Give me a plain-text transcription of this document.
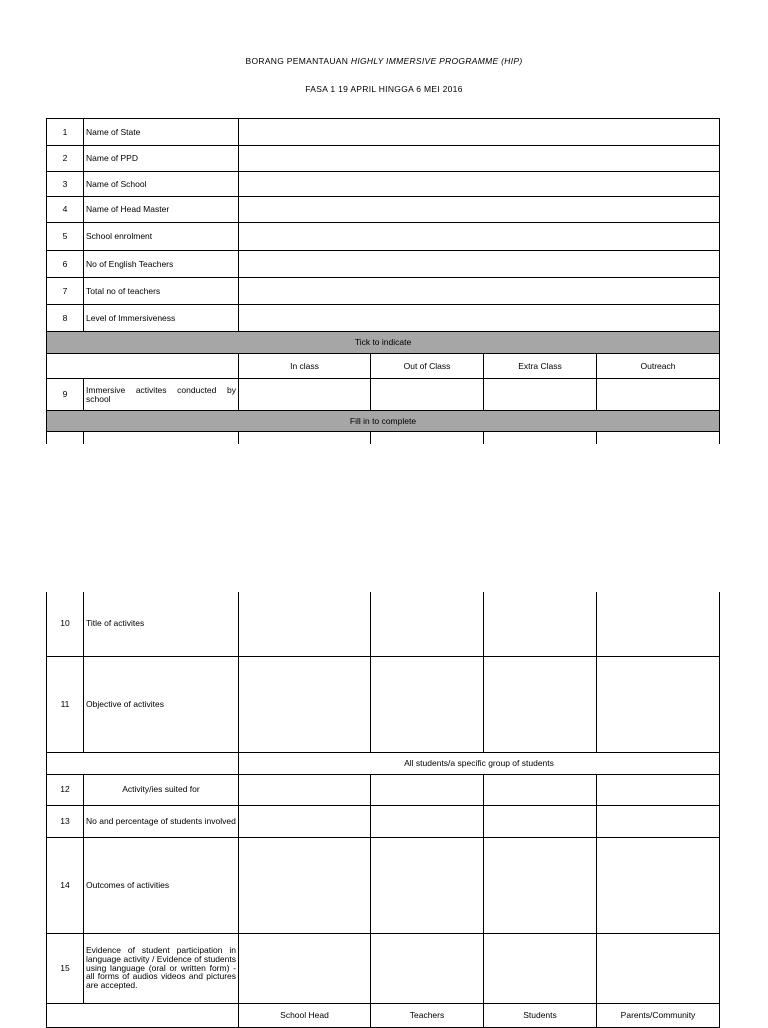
BORANG PEMANTAUAN HIGHLY IMMERSIVE PROGRAMME (HIP)
FASA 1 19 APRIL HINGGA 6 MEI 2016
1	Name of State				
2	Name of PPD				
3	Name of School				
4	Name of Head Master				
5	School enrolment				
6	No of English Teachers				
7	Total no of teachers				
8	Level of Immersiveness				
Tick to indicate					
		In class	Out of Class	Extra Class	Outreach
9	Immersive activites conducted by school				
Fill in to complete					

10	Title of activites				
11	Objective of activites				
		All students/a specific group of students			
12	Activity/ies suited for				
13	No and percentage of students involved				
14	Outcomes of activities				
15	Evidence of student participation in language activity / Evidence of students using language (oral or written form) - all forms of audios videos and pictures are accepted.				
		School Head	Teachers	Students	Parents/Community
